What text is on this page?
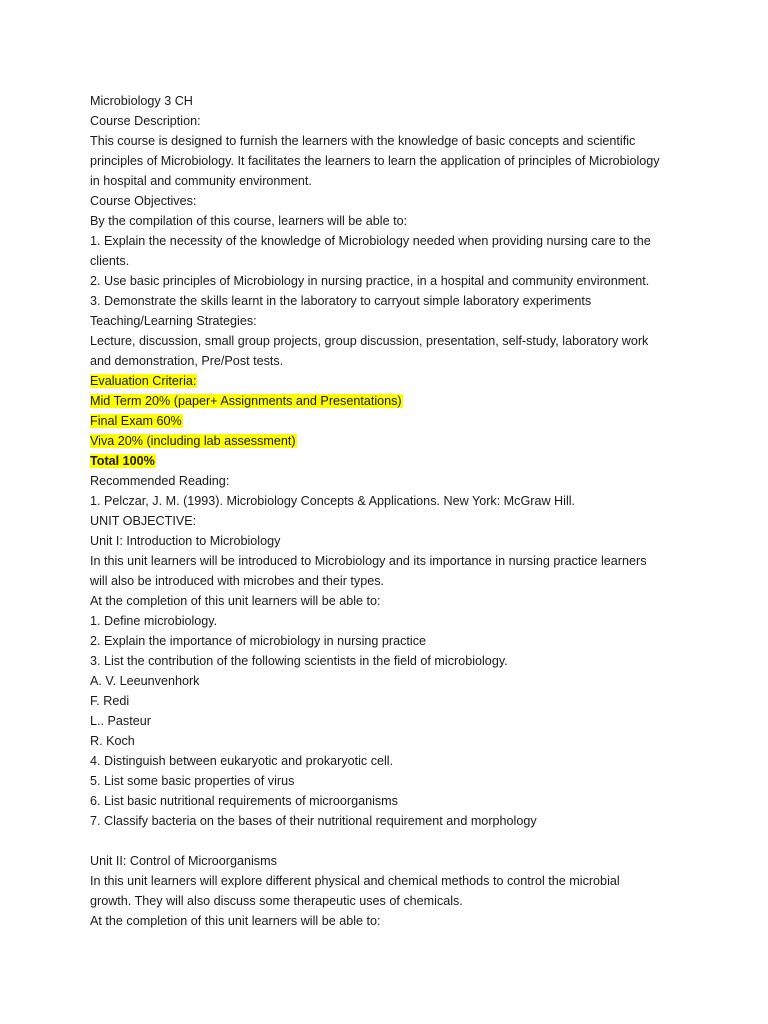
Microbiology 3 CH
Course Description:
This course is designed to furnish the learners with the knowledge of basic concepts and scientific
principles of Microbiology. It facilitates the learners to learn the application of principles of Microbiology
in hospital and community environment.
Course Objectives:
By the compilation of this course, learners will be able to:
1. Explain the necessity of the knowledge of Microbiology needed when providing nursing care to the
clients.
2. Use basic principles of Microbiology in nursing practice, in a hospital and community environment.
3. Demonstrate the skills learnt in the laboratory to carryout simple laboratory experiments
Teaching/Learning Strategies:
Lecture, discussion, small group projects, group discussion, presentation, self-study, laboratory work
and demonstration, Pre/Post tests.
Evaluation Criteria:
Mid Term 20% (paper+ Assignments and Presentations)
Final Exam 60%
Viva 20% (including lab assessment)
Total 100%
Recommended Reading:
1. Pelczar, J. M. (1993). Microbiology Concepts & Applications. New York: McGraw Hill.
UNIT OBJECTIVE:
Unit I: Introduction to Microbiology
In this unit learners will be introduced to Microbiology and its importance in nursing practice learners
will also be introduced with microbes and their types.
At the completion of this unit learners will be able to:
1. Define microbiology.
2. Explain the importance of microbiology in nursing practice
3. List the contribution of the following scientists in the field of microbiology.
A. V. Leeunvenhork
F. Redi
L.. Pasteur
R. Koch
4. Distinguish between eukaryotic and prokaryotic cell.
5. List some basic properties of virus
6. List basic nutritional requirements of microorganisms
7. Classify bacteria on the bases of their nutritional requirement and morphology
Unit II: Control of Microorganisms
In this unit learners will explore different physical and chemical methods to control the microbial
growth. They will also discuss some therapeutic uses of chemicals.
At the completion of this unit learners will be able to:
